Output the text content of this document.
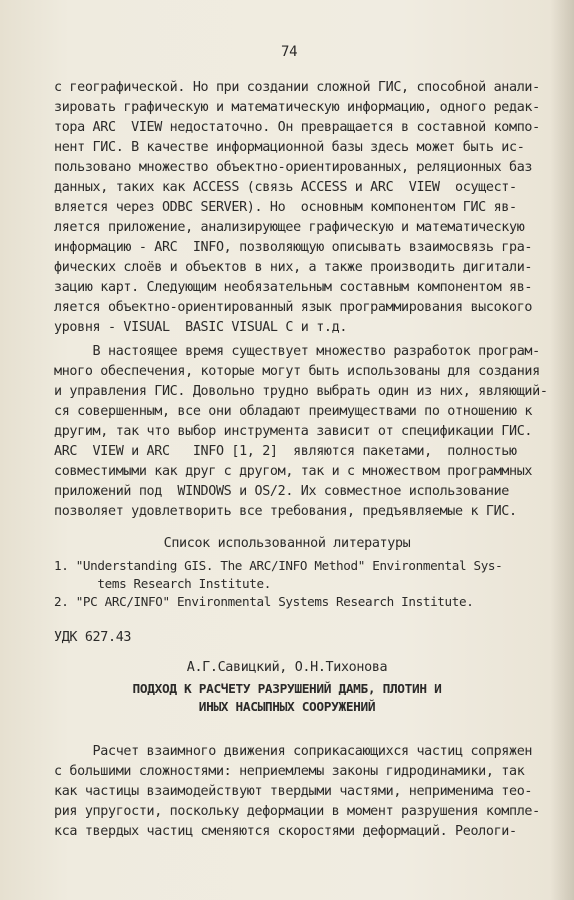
74
с географической. Но при создании сложной ГИС, способной анали-
зировать графическую и математическую информацию, одного редак-
тора ARC  VIEW недостаточно. Он превращается в составной компо-
нент ГИС. В качестве информационной базы здесь может быть ис-
пользовано множество объектно-ориентированных, реляционных баз
данных, таких как ACCESS (связь ACCESS и ARC  VIEW  осущест-
вляется через ODBC SERVER). Но  основным компонентом ГИС яв-
ляется приложение, анализирующее графическую и математическую
информацию - ARC  INFO, позволяющую описывать взаимосвязь гра-
фических слоёв и объектов в них, а также производить дигитали-
зацию карт. Следующим необязательным составным компонентом яв-
ляется объектно-ориентированный язык программирования высокого
уровня - VISUAL  BASIC VISUAL C и т.д.
В настоящее время существует множество разработок програм-
много обеспечения, которые могут быть использованы для создания
и управления ГИС. Довольно трудно выбрать один из них, являющий-
ся совершенным, все они обладают преимуществами по отношению к
другим, так что выбор инструмента зависит от спецификации ГИС.
ARC  VIEW и ARC   INFO [1, 2]  являются пакетами,  полностью
совместимыми как друг с другом, так и с множеством программных
приложений под  WINDOWS и OS/2. Их совместное использование
позволяет удовлетворить все требования, предъявляемые к ГИС.
Список использованной литературы
1. "Understanding GIS. The ARC/INFO Method" Environmental Sys-
tems Research Institute.
2. "PC ARC/INFO" Environmental Systems Research Institute.
УДК 627.43
А.Г.Савицкий, О.Н.Тихонова
ПОДХОД К РАСЧЕТУ РАЗРУШЕНИЙ ДАМБ, ПЛОТИН И
ИНЫХ НАСЫПНЫХ СООРУЖЕНИЙ
Расчет взаимного движения соприкасающихся частиц сопряжен
с большими сложностями: неприемлемы законы гидродинамики, так
как частицы взаимодействуют твердыми частями, неприменима тео-
рия упругости, поскольку деформации в момент разрушения компле-
кса твердых частиц сменяются скоростями деформаций. Реологи-
